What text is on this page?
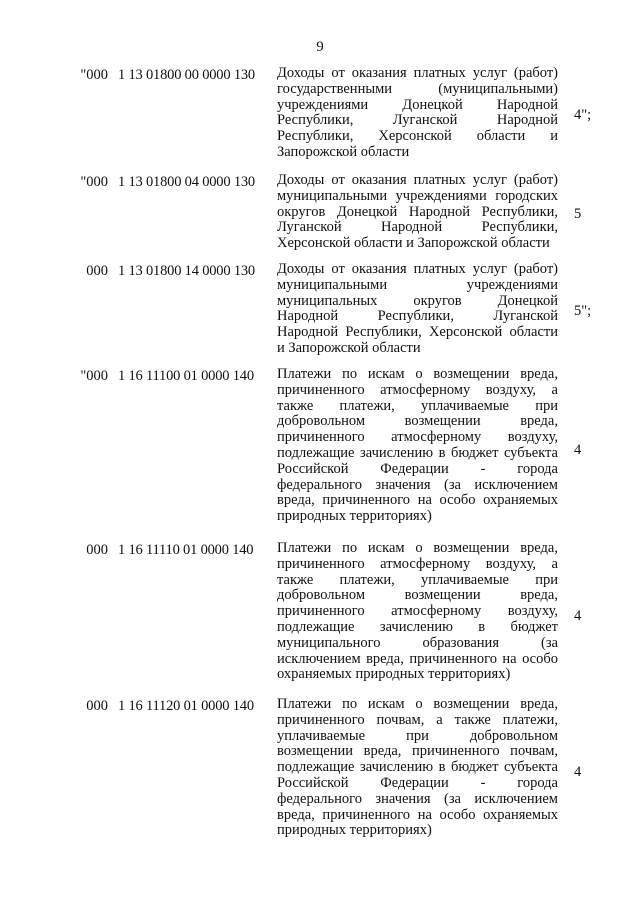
9
"000 1 13 01800 00 0000 130 Доходы от оказания платных услуг (работ)
государственными (муниципальными)
учреждениями Донецкой Народной
Республики, Луганской Народной
Республики, Херсонской области и
Запорожской области
4";
"000 1 13 01800 04 0000 130 Доходы от оказания платных услуг (работ)
муниципальными учреждениями городских
округов Донецкой Народной Республики,
Луганской Народной Республики,
Херсонской области и Запорожской области
5
000 1 13 01800 14 0000 130 Доходы от оказания платных услуг (работ)
муниципальными учреждениями
муниципальных округов Донецкой
Народной Республики, Луганской
Народной Республики, Херсонской области
и Запорожской области
5";
"000 1 16 11100 01 0000 140 Платежи по искам о возмещении вреда,
причиненного атмосферному воздуху, а
также платежи, уплачиваемые при
добровольном возмещении вреда,
причиненного атмосферному воздуху,
подлежащие зачислению в бюджет субъекта
Российской Федерации - города
федерального значения (за исключением
вреда, причиненного на особо охраняемых
природных территориях)
4
000 1 16 11110 01 0000 140 Платежи по искам о возмещении вреда,
причиненного атмосферному воздуху, а
также платежи, уплачиваемые при
добровольном возмещении вреда,
причиненного атмосферному воздуху,
подлежащие зачислению в бюджет
муниципального образования (за
исключением вреда, причиненного на особо
охраняемых природных территориях)
4
000 1 16 11120 01 0000 140 Платежи по искам о возмещении вреда,
причиненного почвам, а также платежи,
уплачиваемые при добровольном
возмещении вреда, причиненного почвам,
подлежащие зачислению в бюджет субъекта
Российской Федерации - города
федерального значения (за исключением
вреда, причиненного на особо охраняемых
природных территориях)
4
